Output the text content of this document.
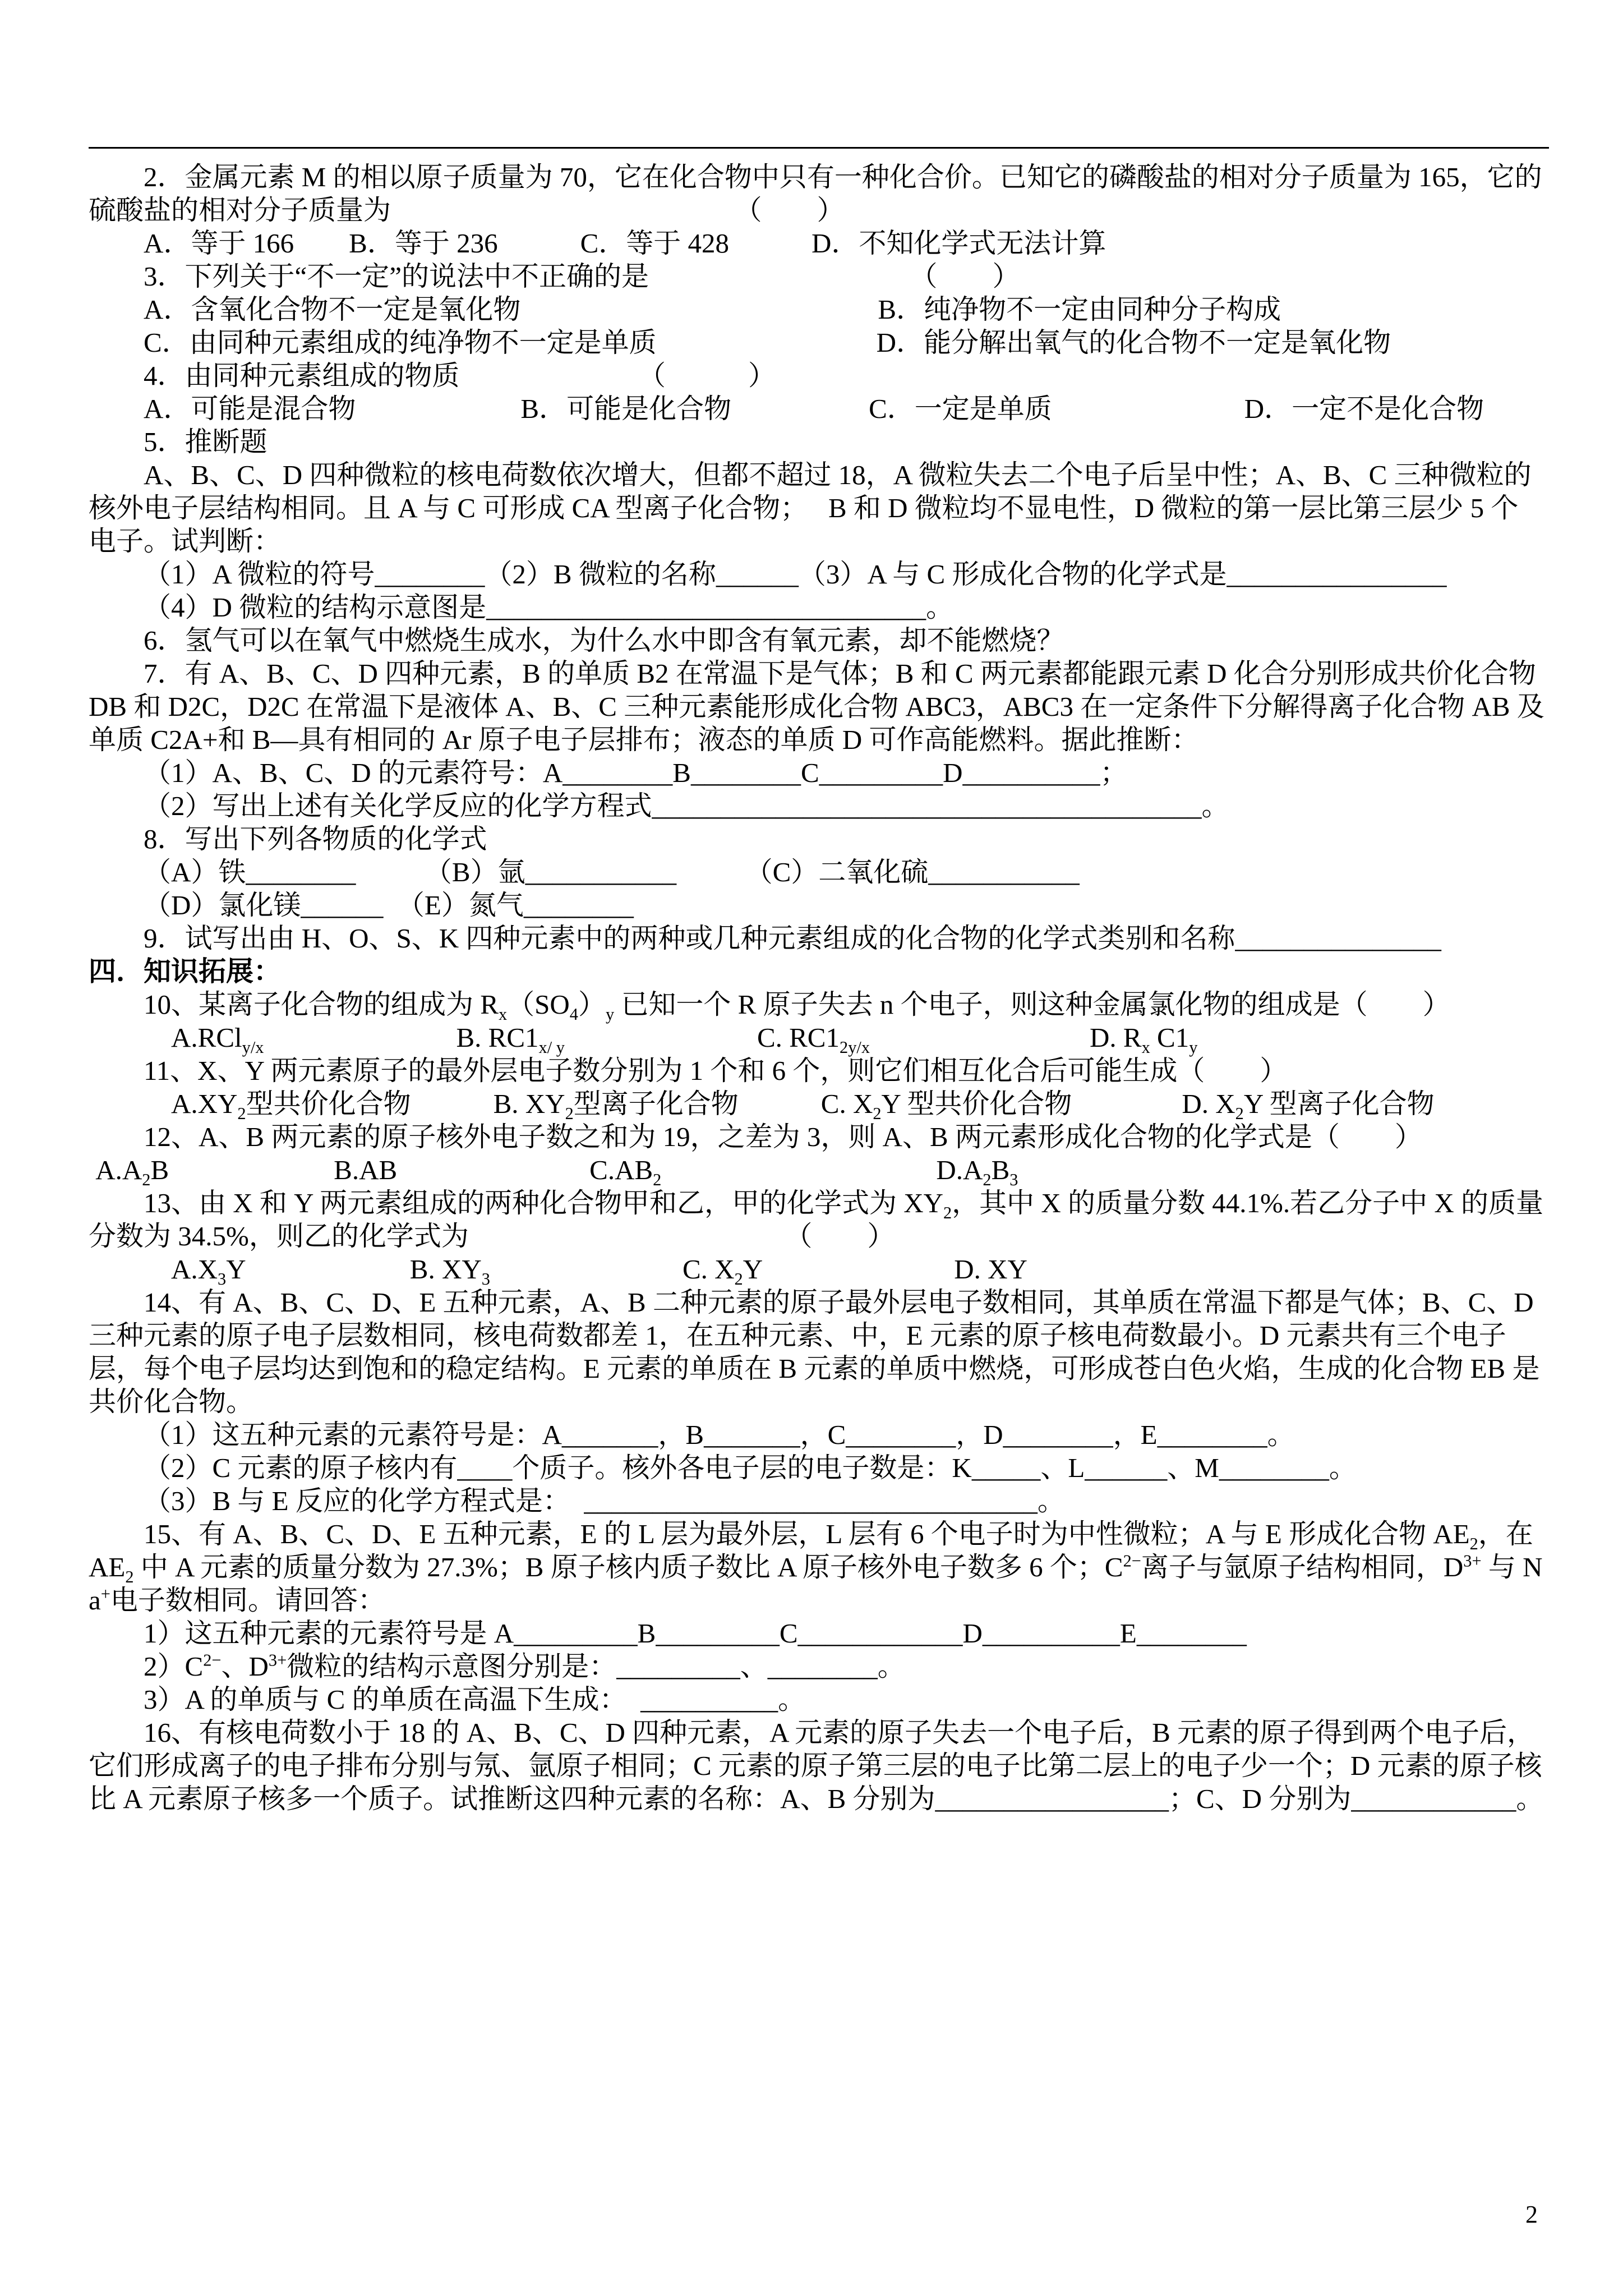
2．金属元素 M 的相以原子质量为 70，它在化合物中只有一种化合价。已知它的磷酸盐的相对分子质量为 165，它的硫酸盐的相对分子质量为　　　　　　　　　　　　　（　　）
A．等于 166　　B．等于 236　　　C．等于 428　　　D．不知化学式无法计算
3．下列关于“不一定”的说法中不正确的是　　　　　　　　　　（　　）
A．含氧化合物不一定是氧化物　　　　　　　　　　　　　B．纯净物不一定由同种分子构成
C．由同种元素组成的纯净物不一定是单质　　　　　　　　D．能分解出氧气的化合物不一定是氧化物
4．由同种元素组成的物质　　　　　　　（　　　）
A．可能是混合物　　　　　　B．可能是化合物　　　　　C．一定是单质　　　　　　　D．一定不是化合物
5．推断题
A、B、C、D 四种微粒的核电荷数依次增大，但都不超过 18，A 微粒失去二个电子后呈中性；A、B、C 三种微粒的核外电子层结构相同。且 A 与 C 可形成 CA 型离子化合物；　 B 和 D 微粒均不显电性，D 微粒的第一层比第三层少 5 个电子。试判断：
（1）A 微粒的符号________（2）B 微粒的名称______（3）A 与 C 形成化合物的化学式是________________
（4）D 微粒的结构示意图是________________________________。
6．氢气可以在氧气中燃烧生成水，为什么水中即含有氧元素，却不能燃烧？
7．有 A、B、C、D 四种元素，B 的单质 B2 在常温下是气体；B 和 C 两元素都能跟元素 D 化合分别形成共价化合物 DB 和 D2C，D2C 在常温下是液体 A、B、C 三种元素能形成化合物 ABC3，ABC3 在一定条件下分解得离子化合物 AB 及单质 C2A+和 B—具有相同的 Ar 原子电子层排布；液态的单质 D 可作高能燃料。据此推断：
（1）A、B、C、D 的元素符号：A________B________C_________D__________；
（2）写出上述有关化学反应的化学方程式________________________________________。
8．写出下列各物质的化学式
（A）铁________　　　（B）氩___________　　　（C）二氧化硫___________
（D）氯化镁______　（E）氮气________
9．试写出由 H、O、S、K 四种元素中的两种或几种元素组成的化合物的化学式类别和名称_______________
四．知识拓展：
10、某离子化合物的组成为 $R_x(SO_4)_y$ 已知一个 R 原子失去 n 个电子，则这种金属氯化物的组成是（　　）
　A.RCl$_{y/x}$　　　　　　　B. $RC1_{x/ y}$　　　　　　　C. $RC1_{2y/x}$　　　　　　　　D. $R_x$ $C1_y$
11、X、Y 两元素原子的最外层电子数分别为 1 个和 6 个，则它们相互化合后可能生成（　　）
　$A.XY_2$型共价化合物　　　B. $XY_2$型离子化合物　　　C. $X_2Y$ 型共价化合物　　　　D. $X_2Y$ 型离子化合物
12、A、B 两元素的原子核外电子数之和为 19，之差为 3，则 A、B 两元素形成化合物的化学式是（　　）
$A.A_2B$　　　　　　B.AB　　　　　　　$C.AB_2$　　　　　　　　　　$D.A_2B_3$
13、由 X 和 Y 两元素组成的两种化合物甲和乙，甲的化学式为 $XY_2$，其中 X 的质量分数 44.1%.若乙分子中 X 的质量分数为 34.5%，则乙的化学式为　　　　　　　　　　　　（　　）
　$A.X_3Y$　　　　　　B. $XY_3$　　　　　　　C. $X_2Y$　　　　　　　D. XY
14、有 A、B、C、D、E 五种元素，A、B 二种元素的原子最外层电子数相同，其单质在常温下都是气体；B、C、D 三种元素的原子电子层数相同，核电荷数都差 1，在五种元素、中，E 元素的原子核电荷数最小。D 元素共有三个电子层，每个电子层均达到饱和的稳定结构。E 元素的单质在 B 元素的单质中燃烧，可形成苍白色火焰，生成的化合物 EB 是共价化合物。
（1）这五种元素的元素符号是：A_______，B_______，C________，D________，E________。
（2）C 元素的原子核内有____个质子。核外各电子层的电子数是：K_____、L______、M________。
（3）B 与 E 反应的化学方程式是：　_________________________________。
15、有 A、B、C、D、E 五种元素，E 的 L 层为最外层，L 层有 6 个电子时为中性微粒；A 与 E 形成化合物 $AE_2$，在 $AE_2$ 中 A 元素的质量分数为 27.3%；B 原子核内质子数比 A 原子核外电子数多 6 个；$C^{2-}$离子与氩原子结构相同，$D^{3+}$ 与 Na+电子数相同。请回答：
1）这五种元素的元素符号是 A_________B_________C____________D__________E________
$2)C^{2-}$、$D^{3+}$微粒的结构示意图分别是：_________、________。
3）A 的单质与 C 的单质在高温下生成：　__________。
16、有核电荷数小于 18 的 A、B、C、D 四种元素，A 元素的原子失去一个电子后，B 元素的原子得到两个电子后，它们形成离子的电子排布分别与氖、氩原子相同；C 元素的原子第三层的电子比第二层上的电子少一个；D 元素的原子核比 A 元素原子核多一个质子。试推断这四种元素的名称：A、B 分别为_________________；C、D 分别为____________。
2
